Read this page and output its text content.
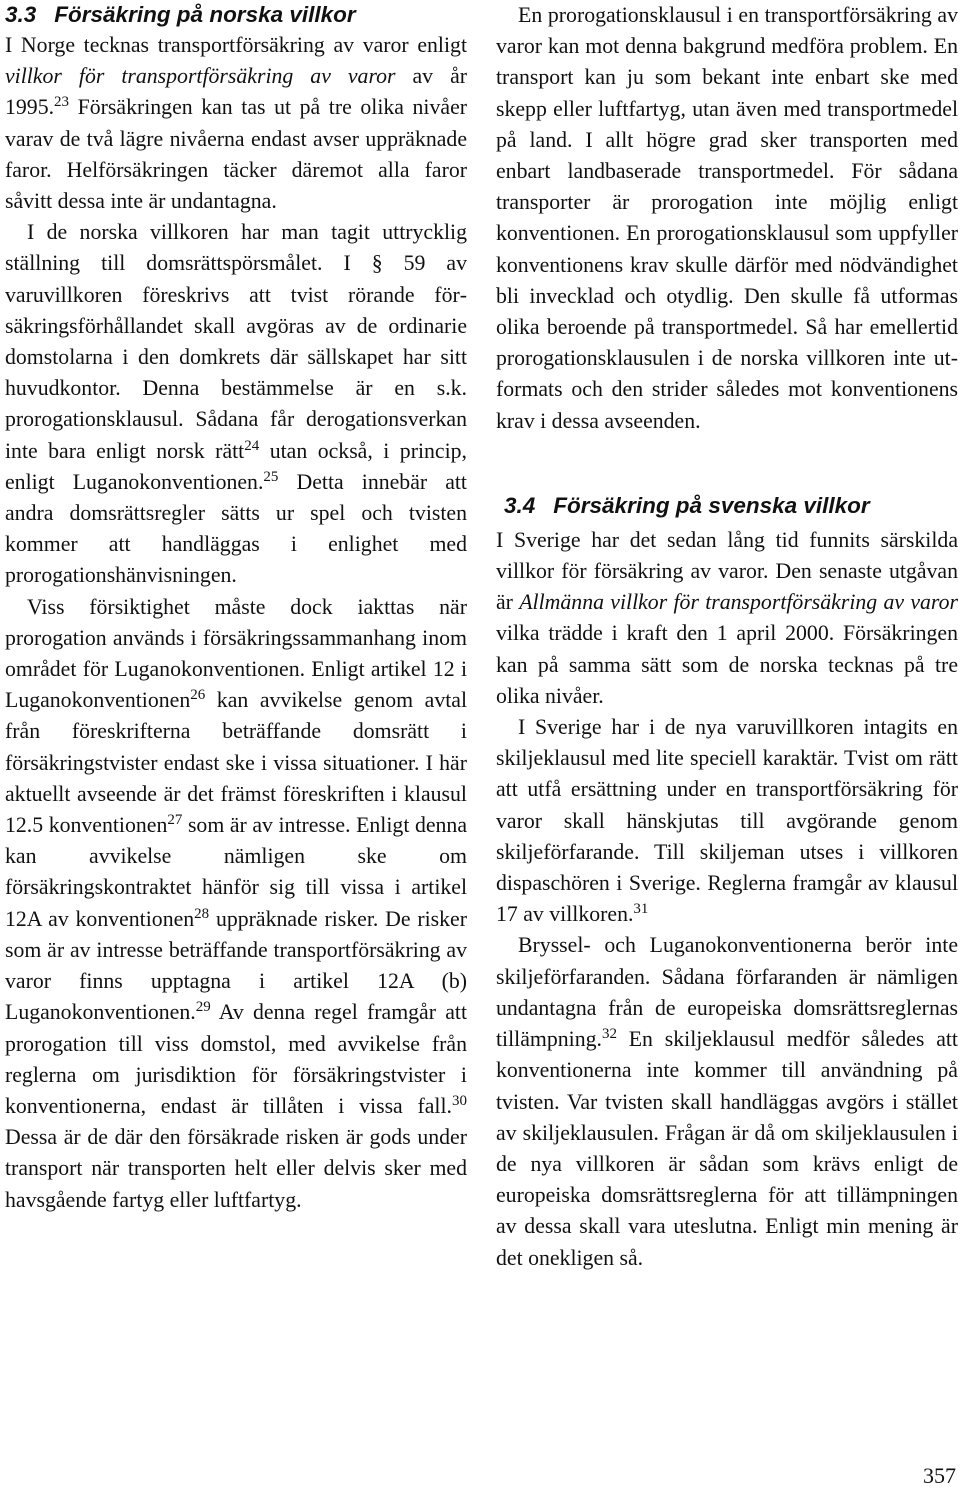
3.3 Försäkring på norska villkor

I Norge tecknas transportförsäkring av varor enligt villkor för transportförsäkring av varor av år 1995.23 Försäkringen kan tas ut på tre olika nivåer varav de två lägre nivåerna endast avser uppräknade faror. Helförsäkringen täcker däremot alla faror såvitt dessa inte är undantagna.

I de norska villkoren har man tagit uttrycklig ställning till domsrättspörsmålet. I § 59 av varuvillkoren föreskrivs att tvist rörande försäkringsförhållandet skall avgöras av de ordinarie domstolarna i den domkrets där sällskapet har sitt huvudkontor. Denna bestämmelse är en s.k. prorogationsklausul. Sådana får derogationsverkan inte bara enligt norsk rätt$^{24}$ utan också, i princip, enligt Luganokonventionen.$^{25}$ Detta innebär att andra domsrättsregler sätts ur spel och tvisten kommer att handläggas i enlighet med prorogationshänvisningen.

Viss försiktighet måste dock iakttas när prorogation används i försäkringssammanhang inom området för Luganokonventionen. Enligt artikel 12 i Luganokonventionen$^{26}$ kan avvikelse genom avtal från föreskrifterna beträffande domsrätt i försäkringstvister endast ske i vissa situationer. I här aktuellt avseende är det främst föreskriften i klausul 12.5 konventionen$^{27}$ som är av intresse. Enligt denna kan avvikelse nämligen ske om försäkringskontraktet hänför sig till vissa i artikel 12A av konventionen$^{28}$ uppräknade risker. De risker som är av intresse beträffande transportförsäkring av varor finns upptagna i artikel 12A (b) Luganokonventionen.$^{29}$ Av denna regel framgår att prorogation till viss domstol, med avvikelse från reglerna om jurisdiktion för försäkringstvister i konventionerna, endast är tillåten i vissa fall.$^{30}$ Dessa är de där den försäkrade risken är gods under transport när transporten helt eller delvis sker med havsgående fartyg eller luftfartyg.

En prorogationsklausul i en transportförsäkring av varor kan mot denna bakgrund medföra problem. En transport kan ju som bekant inte enbart ske med skepp eller luftfartyg, utan även med transportmedel på land. I allt högre grad sker transporten med enbart landbaserade transportmedel. För sådana transporter är prorogation inte möjlig enligt konventionen. En prorogationsklausul som uppfyller konventionens krav skulle därför med nödvändighet bli invecklad och otydlig. Den skulle få utformas olika beroende på transportmedel. Så har emellertid prorogationsklausulen i de norska villkoren inte utformats och den strider således mot konventionens krav i dessa avseenden.

3.4 Försäkring på svenska villkor

I Sverige har det sedan lång tid funnits särskilda villkor för försäkring av varor. Den senaste utgåvan är Allmänna villkor för transportförsäkring av varor vilka trädde i kraft den 1 april 2000. Försäkringen kan på samma sätt som de norska tecknas på tre olika nivåer.

I Sverige har i de nya varuvillkoren intagits en skiljeklausul med lite speciell karaktär. Tvist om rätt att utfå ersättning under en transportförsäkring för varor skall hänskjutas till avgörande genom skiljeförfarande. Till skiljeman utses i villkoren dispaschören i Sverige. Reglerna framgår av klausul 17 av villkoren.$^{31}$

Bryssel- och Luganokonventionerna berör inte skiljeförfaranden. Sådana förfaranden är nämligen undantagna från de europeiska domsrättsreglernas tillämpning.$^{32}$ En skiljeklausul medför således att konventionerna inte kommer till användning på tvisten. Var tvisten skall handläggas avgörs i stället av skiljeklausulen. Frågan är då om skiljeklausulen i de nya villkoren är sådan som krävs enligt de europeiska domsrättsreglerna för att tillämpningen av dessa skall vara uteslutna. Enligt min mening är det onekligen så.

357
